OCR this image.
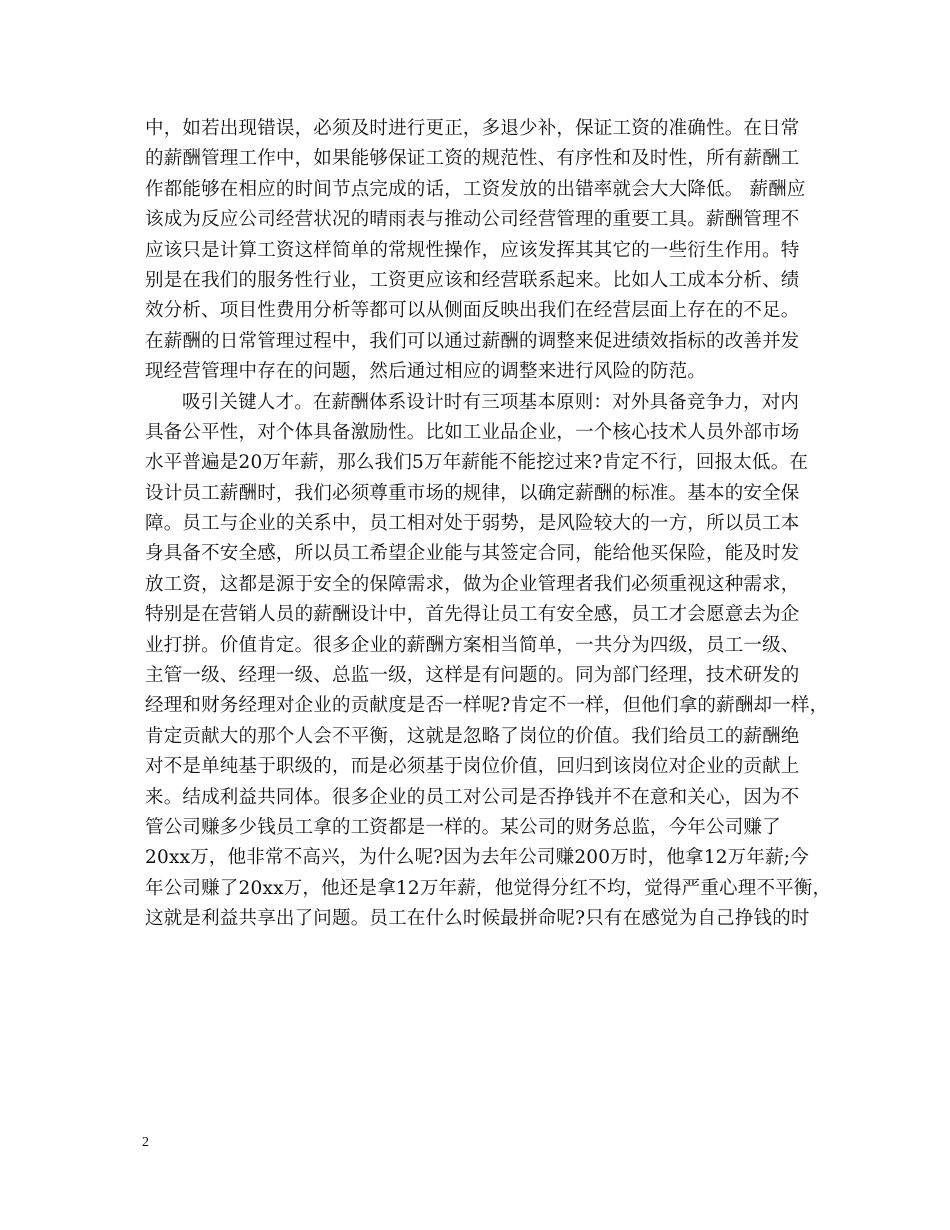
中，如若出现错误，必须及时进行更正，多退少补，保证工资的准确性。在日常
的薪酬管理工作中，如果能够保证工资的规范性、有序性和及时性，所有薪酬工
作都能够在相应的时间节点完成的话，工资发放的出错率就会大大降低。 薪酬应
该成为反应公司经营状况的晴雨表与推动公司经营管理的重要工具。薪酬管理不
应该只是计算工资这样简单的常规性操作，应该发挥其其它的一些衍生作用。特
别是在我们的服务性行业，工资更应该和经营联系起来。比如人工成本分析、绩
效分析、项目性费用分析等都可以从侧面反映出我们在经营层面上存在的不足。
在薪酬的日常管理过程中，我们可以通过薪酬的调整来促进绩效指标的改善并发
现经营管理中存在的问题，然后通过相应的调整来进行风险的防范。
吸引关键人才。在薪酬体系设计时有三项基本原则：对外具备竞争力，对内
具备公平性，对个体具备激励性。比如工业品企业，一个核心技术人员外部市场
水平普遍是20万年薪，那么我们5万年薪能不能挖过来?肯定不行，回报太低。在
设计员工薪酬时，我们必须尊重市场的规律，以确定薪酬的标准。基本的安全保
障。员工与企业的关系中，员工相对处于弱势，是风险较大的一方，所以员工本
身具备不安全感，所以员工希望企业能与其签定合同，能给他买保险，能及时发
放工资，这都是源于安全的保障需求，做为企业管理者我们必须重视这种需求，
特别是在营销人员的薪酬设计中，首先得让员工有安全感，员工才会愿意去为企
业打拼。价值肯定。很多企业的薪酬方案相当简单，一共分为四级，员工一级、
主管一级、经理一级、总监一级，这样是有问题的。同为部门经理，技术研发的
经理和财务经理对企业的贡献度是否一样呢?肯定不一样，但他们拿的薪酬却一样，
肯定贡献大的那个人会不平衡，这就是忽略了岗位的价值。我们给员工的薪酬绝
对不是单纯基于职级的，而是必须基于岗位价值，回归到该岗位对企业的贡献上
来。结成利益共同体。很多企业的员工对公司是否挣钱并不在意和关心，因为不
管公司赚多少钱员工拿的工资都是一样的。某公司的财务总监，今年公司赚了
20xx万，他非常不高兴，为什么呢?因为去年公司赚200万时，他拿12万年薪;今
年公司赚了20xx万，他还是拿12万年薪，他觉得分红不均，觉得严重心理不平衡，
这就是利益共享出了问题。员工在什么时候最拼命呢?只有在感觉为自己挣钱的时
2
